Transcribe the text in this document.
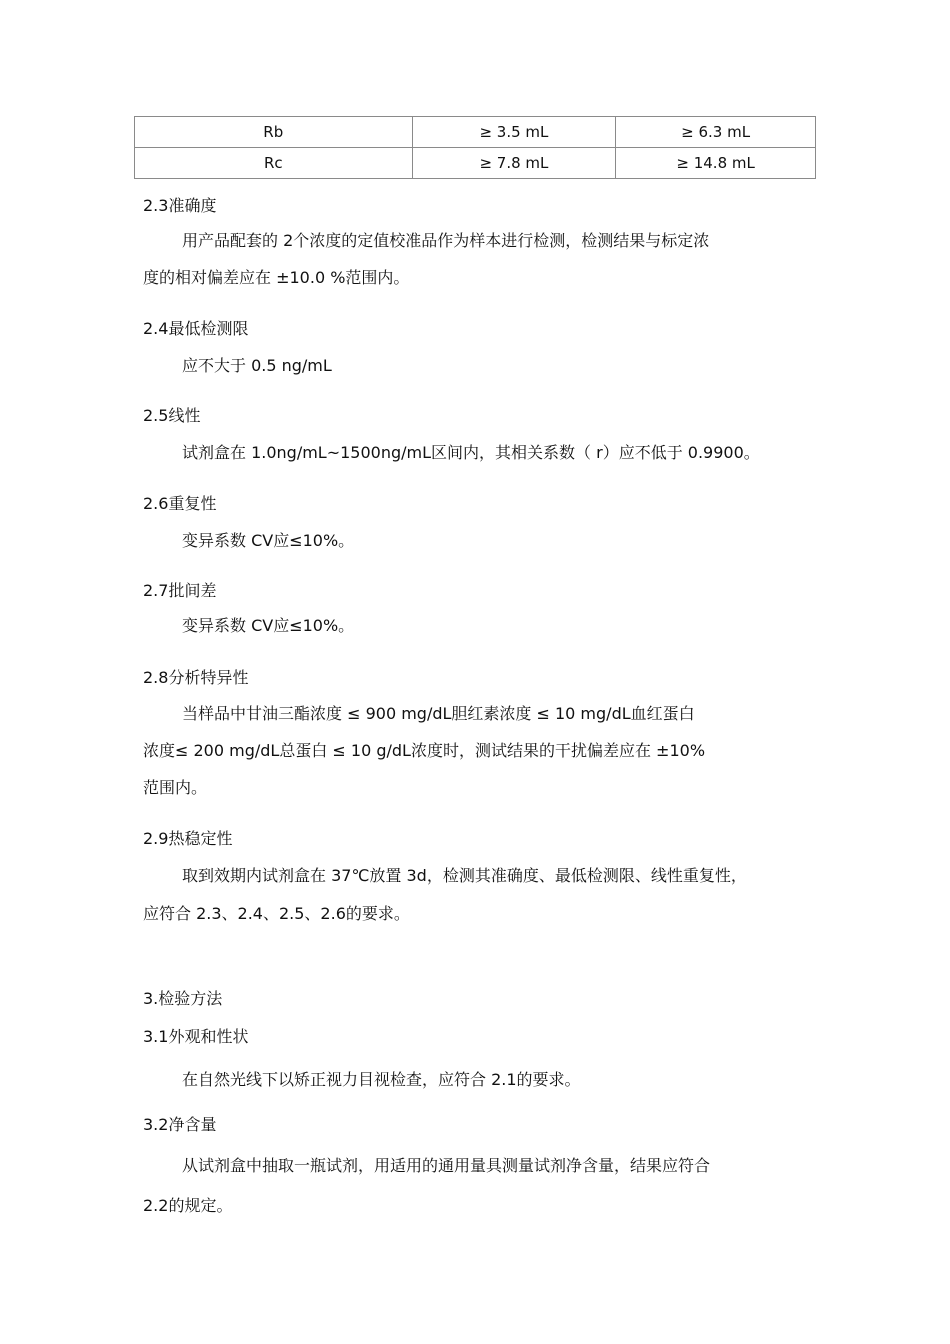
Rb	≥ 3.5 mL	≥ 6.3 mL
Rc	≥ 7.8 mL	≥ 14.8 mL
2.3准确度
用产品配套的 2个浓度的定值校准品作为样本进行检测，检测结果与标定浓
度的相对偏差应在 ±10.0 %范围内。
2.4最低检测限
应不大于 0.5 ng/mL
2.5线性
试剂盒在 1.0ng/mL~1500ng/mL区间内，其相关系数（ r）应不低于 0.9900。
2.6重复性
变异系数 CV应≤10%。
2.7批间差
变异系数 CV应≤10%。
2.8分析特异性
当样品中甘油三酯浓度 ≤ 900 mg/dL胆红素浓度 ≤ 10 mg/dL血红蛋白
浓度≤ 200 mg/dL总蛋白 ≤ 10 g/dL浓度时，测试结果的干扰偏差应在 ±10%
范围内。
2.9热稳定性
取到效期内试剂盒在 37℃放置 3d，检测其准确度、最低检测限、线性重复性，
应符合 2.3、2.4、2.5、2.6的要求。
3.检验方法
3.1外观和性状
在自然光线下以矫正视力目视检查，应符合 2.1的要求。
3.2净含量
从试剂盒中抽取一瓶试剂，用适用的通用量具测量试剂净含量，结果应符合
2.2的规定。
